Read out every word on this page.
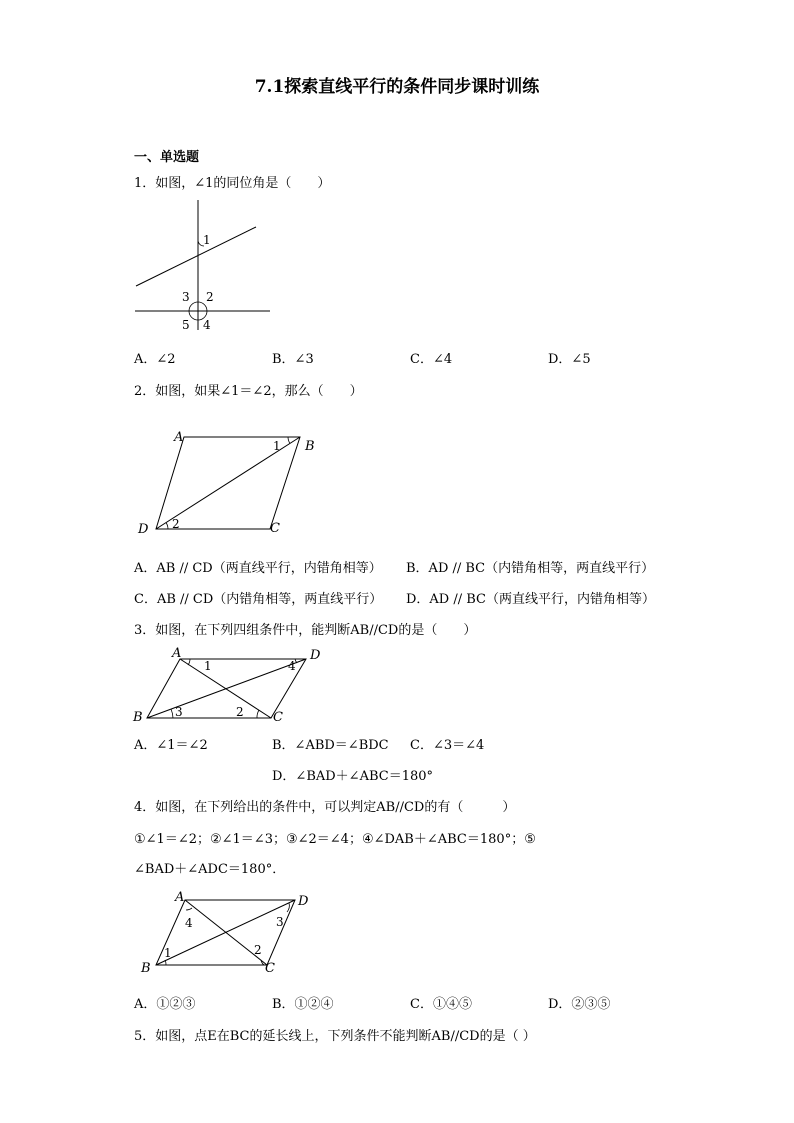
7.1探索直线平行的条件同步课时训练
一、单选题
1．如图，∠1的同位角是（　　）
1
3 2
5 4
A．∠2	B．∠3	C．∠4	D．∠5
2．如图，如果∠1＝∠2，那么（　　）
A
B
C
D
1
2
A．AB // CD（两直线平行，内错角相等） B．AD // BC（内错角相等，两直线平行）
C．AB // CD（内错角相等，两直线平行） D．AD // BC（两直线平行，内错角相等）
3．如图，在下列四组条件中，能判断AB//CD的是（　　）
A	D
B	C
1	4
3	2
A．∠1＝∠2	B．∠ABD＝∠BDC C．∠3＝∠4
D．∠BAD＋∠ABC＝180°
4．如图，在下列给出的条件中，可以判定AB//CD的有（　　　）
①∠1＝∠2；②∠1＝∠3；③∠2＝∠4；④∠DAB＋∠ABC＝180°；⑤
∠BAD＋∠ADC＝180°．
A	D
B	C
4	3
1	2
A．①②③	B．①②④	C．①④⑤	D．②③⑤
5．如图，点E在BC的延长线上，下列条件不能判断AB//CD的是（ ）
